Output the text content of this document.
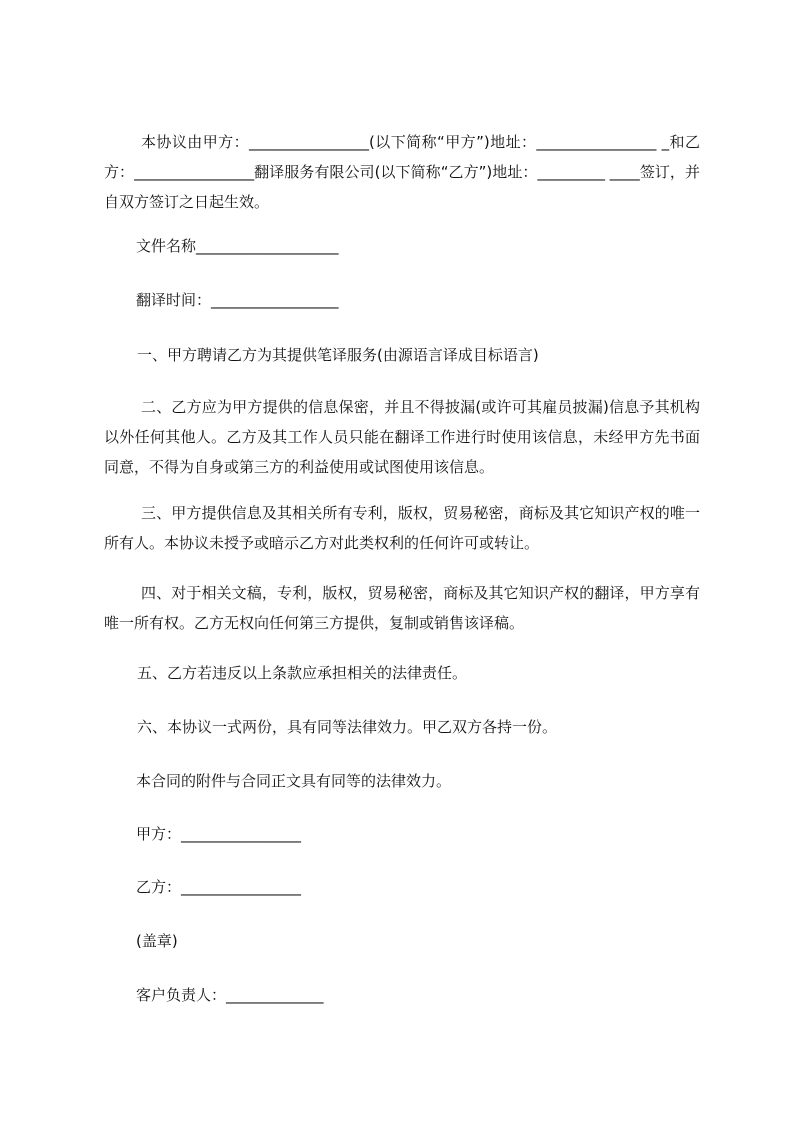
本协议由甲方：________________(以下简称“甲方”)地址：________________ _和乙方：________________翻译服务有限公司(以下简称“乙方”)地址：_________ ____签订，并自双方签订之日起生效。

文件名称___________________

翻译时间：_________________

一、甲方聘请乙方为其提供笔译服务(由源语言译成目标语言)

二、乙方应为甲方提供的信息保密，并且不得披漏(或许可其雇员披漏)信息予其机构以外任何其他人。乙方及其工作人员只能在翻译工作进行时使用该信息，未经甲方先书面同意，不得为自身或第三方的利益使用或试图使用该信息。

三、甲方提供信息及其相关所有专利，版权，贸易秘密，商标及其它知识产权的唯一所有人。本协议未授予或暗示乙方对此类权利的任何许可或转让。

四、对于相关文稿，专利，版权，贸易秘密，商标及其它知识产权的翻译，甲方享有唯一所有权。乙方无权向任何第三方提供，复制或销售该译稿。

五、乙方若违反以上条款应承担相关的法律责任。

六、本协议一式两份，具有同等法律效力。甲乙双方各持一份。

本合同的附件与合同正文具有同等的法律效力。

甲方：________________

乙方：________________

(盖章)

客户负责人：_____________
